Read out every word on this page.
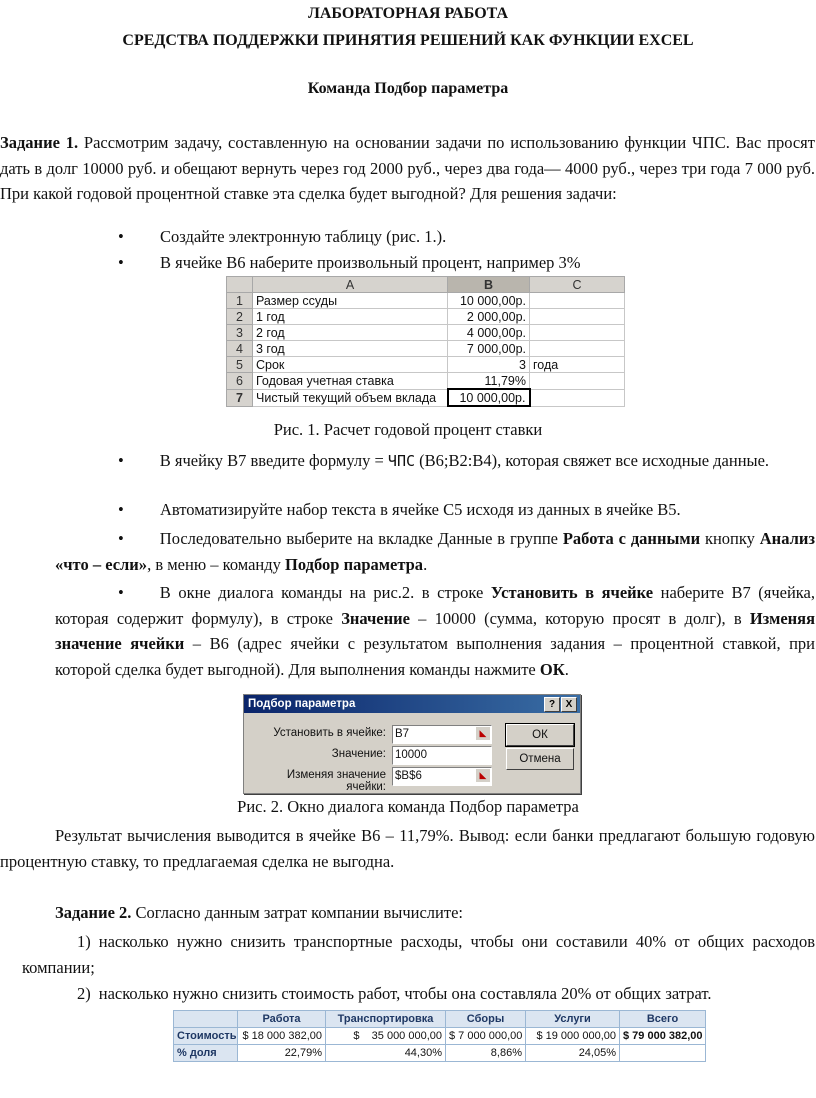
ЛАБОРАТОРНАЯ РАБОТА
СРЕДСТВА ПОДДЕРЖКИ ПРИНЯТИЯ РЕШЕНИЙ КАК ФУНКЦИИ EXCEL
Команда Подбор параметра
Задание 1. Рассмотрим задачу, составленную на основании задачи по использованию функции ЧПС. Вас просят дать в долг 10000 руб. и обещают вернуть через год 2000 руб., через два года— 4000 руб., через три года 7 000 руб. При какой годовой процентной ставке эта сделка будет выгодной? Для решения задачи:
• Создайте электронную таблицу (рис. 1.).
• В ячейке В6 наберите произвольный процент, например 3%
	A	B	C
1	Размер ссуды	10 000,00р.	
2	1 год	2 000,00р.	
3	2 год	4 000,00р.	
4	3 год	7 000,00р.	
5	Срок	3	года
6	Годовая учетная ставка	11,79%	
7	Чистый текущий объем вклада	10 000,00р.	
Рис. 1. Расчет годовой процент ставки
• В ячейку В7 введите формулу = ЧПС (В6;В2:В4), которая свяжет все исходные данные.
• Автоматизируйте набор текста в ячейке С5 исходя из данных в ячейке В5.
• Последовательно выберите на вкладке Данные в группе Работа с данными кнопку Анализ «что – если», в меню – команду Подбор параметра.
• В окне диалога команды на рис.2. в строке Установить в ячейке наберите В7 (ячейка, которая содержит формулу), в строке Значение – 10000 (сумма, которую просят в долг), в Изменяя значение ячейки – В6 (адрес ячейки с результатом выполнения задания – процентной ставкой, при которой сделка будет выгодной). Для выполнения команды нажмите ОК.
Подбор параметра	?	X
Установить в ячейке: B7	◣
Значение: 10000
Изменяя значение ячейки:
$B$6	◣
ОК
Отмена
Рис. 2. Окно диалога команда Подбор параметра
Результат вычисления выводится в ячейке В6 – 11,79%. Вывод: если банки предлагают большую годовую процентную ставку, то предлагаемая сделка не выгодна.
Задание 2. Согласно данным затрат компании вычислите:
1) насколько нужно снизить транспортные расходы, чтобы они составили 40% от общих расходов компании;
2) насколько нужно снизить стоимость работ, чтобы она составляла 20% от общих затрат.
	Работа	Транспортировка	Сборы	Услуги	Всего
Стоимость	$ 18 000 382,00	$    35 000 000,00	$ 7 000 000,00	$ 19 000 000,00	$ 79 000 382,00
% доля	22,79%	44,30%	8,86%	24,05%	
